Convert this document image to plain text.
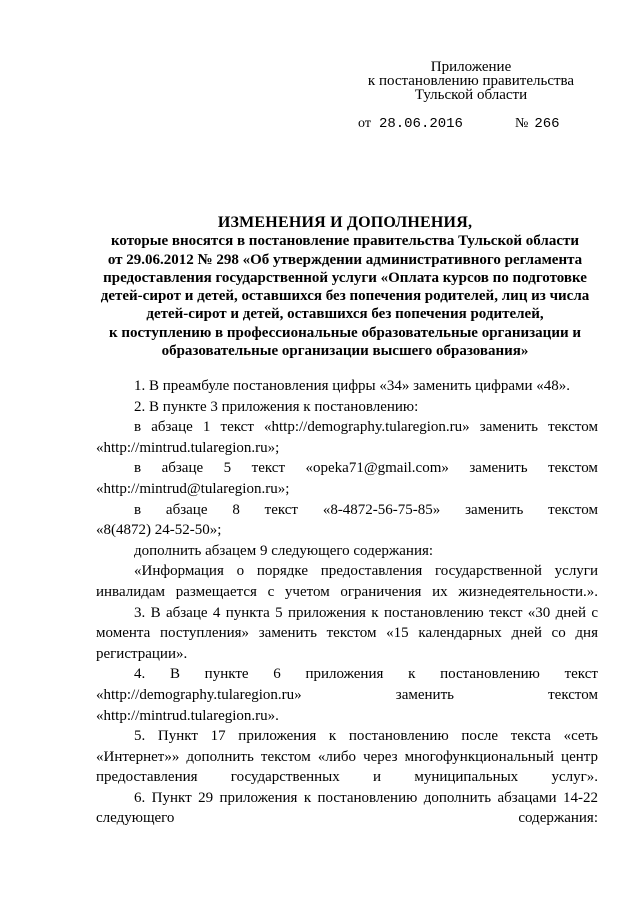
Приложение
к постановлению правительства
Тульской области
от 28.06.2016	№ 266
ИЗМЕНЕНИЯ И ДОПОЛНЕНИЯ,
которые вносятся в постановление правительства Тульской области
от 29.06.2012 № 298 «Об утверждении административного регламента
предоставления государственной услуги «Оплата курсов по подготовке
детей-сирот и детей, оставшихся без попечения родителей, лиц из числа
детей-сирот и детей, оставшихся без попечения родителей,
к поступлению в профессиональные образовательные организации и
образовательные организации высшего образования»

1. В преамбуле постановления цифры «34» заменить цифрами «48».

2. В пункте 3 приложения к постановлению:

в абзаце 1 текст «http://demography.tularegion.ru» заменить текстом

«http://mintrud.tularegion.ru»;

в абзаце 5 текст «opeka71@gmail.com» заменить текстом

«http://mintrud@tularegion.ru»;

в абзаце 8 текст «8-4872-56-75-85» заменить текстом

«8(4872) 24-52-50»;

дополнить абзацем 9 следующего содержания:

«Информация о порядке предоставления государственной услуги инвалидам размещается с учетом ограничения их жизнедеятельности.».

3. В абзаце 4 пункта 5 приложения к постановлению текст «30 дней с момента поступления» заменить текстом «15 календарных дней со дня регистрации».

4. В пункте 6 приложения к постановлению текст
«http://demography.tularegion.ru»	заменить	текстом

«http://mintrud.tularegion.ru».

5. Пункт 17 приложения к постановлению после текста «сеть «Интернет»» дополнить текстом «либо через многофункциональный центр предоставления государственных и муниципальных услуг».

6. Пункт 29 приложения к постановлению дополнить абзацами 14-22 следующего содержания:
